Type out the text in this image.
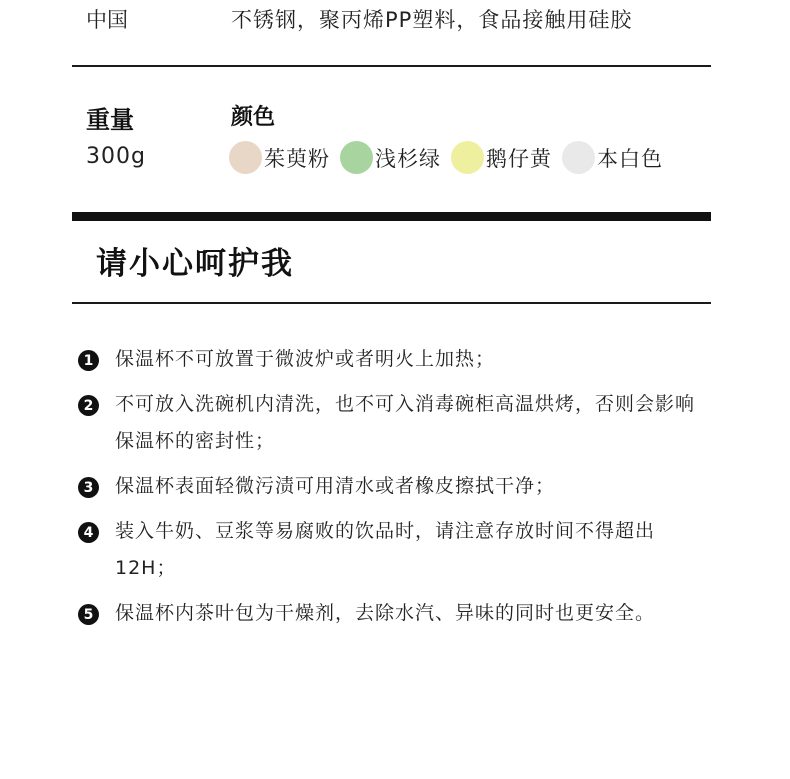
中国	不锈钢，聚丙烯PP塑料，食品接触用硅胶
重量
300g
颜色
茱萸粉 浅杉绿 鹅仔黄 本白色
请小心呵护我
1 保温杯不可放置于微波炉或者明火上加热；
2 不可放入洗碗机内清洗，也不可入消毒碗柜高温烘烤，否则会影响保温杯的密封性；
3 保温杯表面轻微污渍可用清水或者橡皮擦拭干净；
4 装入牛奶、豆浆等易腐败的饮品时，请注意存放时间不得超出12H；
5 保温杯内茶叶包为干燥剂，去除水汽、异味的同时也更安全。
